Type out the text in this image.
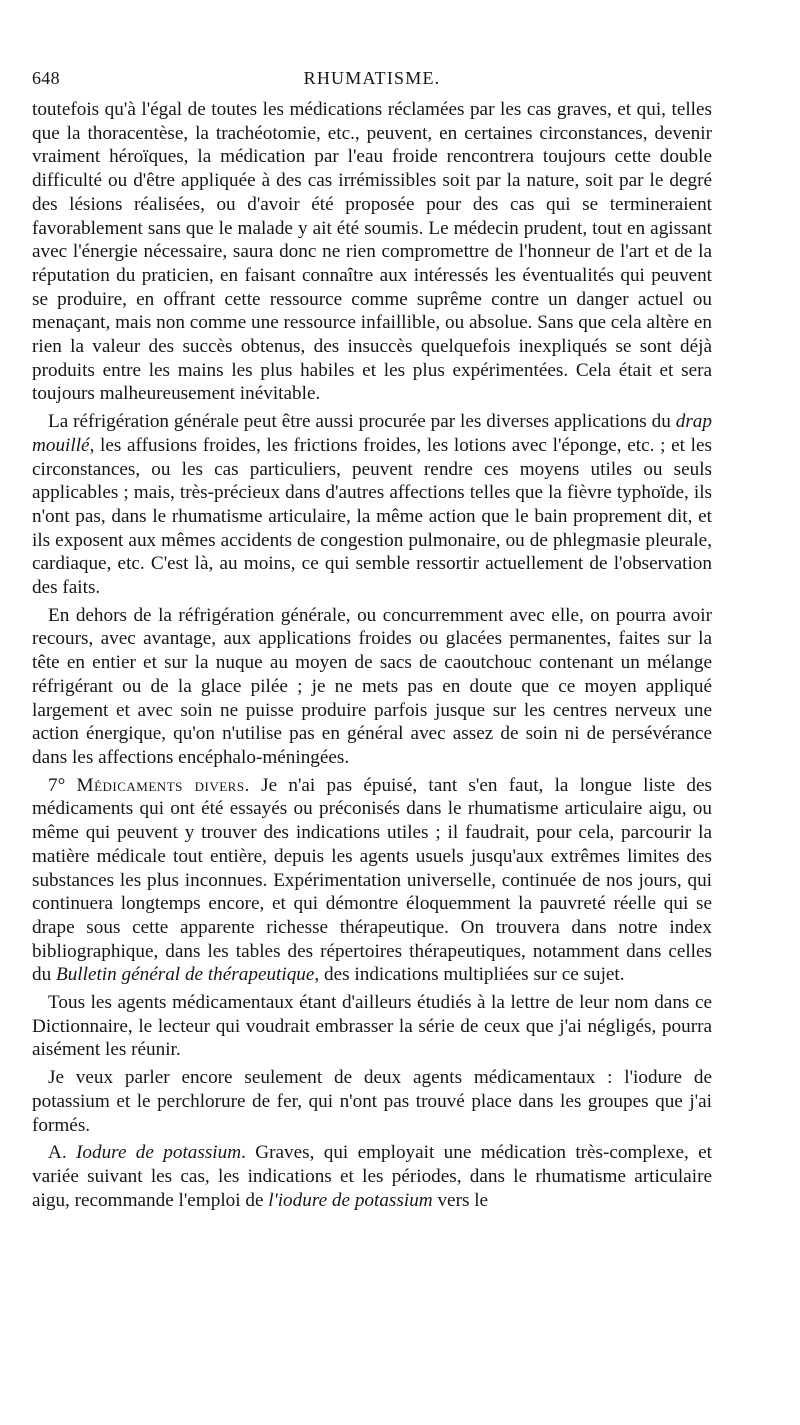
648	RHUMATISME.

toutefois qu'à l'égal de toutes les médications réclamées par les cas graves, et qui, telles que la thoracentèse, la trachéotomie, etc., peuvent, en certaines circonstances, devenir vraiment héroïques, la médication par l'eau froide rencontrera toujours cette double difficulté ou d'être appliquée à des cas irrémissibles soit par la nature, soit par le degré des lésions réalisées, ou d'avoir été proposée pour des cas qui se termineraient favorablement sans que le malade y ait été soumis. Le médecin prudent, tout en agissant avec l'énergie nécessaire, saura donc ne rien compromettre de l'honneur de l'art et de la réputation du praticien, en faisant connaître aux intéressés les éventualités qui peuvent se produire, en offrant cette ressource comme suprême contre un danger actuel ou menaçant, mais non comme une ressource infaillible, ou absolue. Sans que cela altère en rien la valeur des succès obtenus, des insuccès quelquefois inexpliqués se sont déjà produits entre les mains les plus habiles et les plus expérimentées. Cela était et sera toujours malheureusement inévitable.

La réfrigération générale peut être aussi procurée par les diverses applications du drap mouillé, les affusions froides, les frictions froides, les lotions avec l'éponge, etc. ; et les circonstances, ou les cas particuliers, peuvent rendre ces moyens utiles ou seuls applicables ; mais, très-précieux dans d'autres affections telles que la fièvre typhoïde, ils n'ont pas, dans le rhumatisme articulaire, la même action que le bain proprement dit, et ils exposent aux mêmes accidents de congestion pulmonaire, ou de phlegmasie pleurale, cardiaque, etc. C'est là, au moins, ce qui semble ressortir actuellement de l'observation des faits.

En dehors de la réfrigération générale, ou concurremment avec elle, on pourra avoir recours, avec avantage, aux applications froides ou glacées permanentes, faites sur la tête en entier et sur la nuque au moyen de sacs de caoutchouc contenant un mélange réfrigérant ou de la glace pilée ; je ne mets pas en doute que ce moyen appliqué largement et avec soin ne puisse produire parfois jusque sur les centres nerveux une action énergique, qu'on n'utilise pas en général avec assez de soin ni de persévérance dans les affections encéphalo-méningées.

7° Médicaments divers. Je n'ai pas épuisé, tant s'en faut, la longue liste des médicaments qui ont été essayés ou préconisés dans le rhumatisme articulaire aigu, ou même qui peuvent y trouver des indications utiles ; il faudrait, pour cela, parcourir la matière médicale tout entière, depuis les agents usuels jusqu'aux extrêmes limites des substances les plus inconnues. Expérimentation universelle, continuée de nos jours, qui continuera longtemps encore, et qui démontre éloquemment la pauvreté réelle qui se drape sous cette apparente richesse thérapeutique. On trouvera dans notre index bibliographique, dans les tables des répertoires thérapeutiques, notamment dans celles du Bulletin général de thérapeutique, des indications multipliées sur ce sujet.

Tous les agents médicamentaux étant d'ailleurs étudiés à la lettre de leur nom dans ce Dictionnaire, le lecteur qui voudrait embrasser la série de ceux que j'ai négligés, pourra aisément les réunir.

Je veux parler encore seulement de deux agents médicamentaux : l'iodure de potassium et le perchlorure de fer, qui n'ont pas trouvé place dans les groupes que j'ai formés.

A. Iodure de potassium. Graves, qui employait une médication très-complexe, et variée suivant les cas, les indications et les périodes, dans le rhumatisme articulaire aigu, recommande l'emploi de l'iodure de potassium vers le
